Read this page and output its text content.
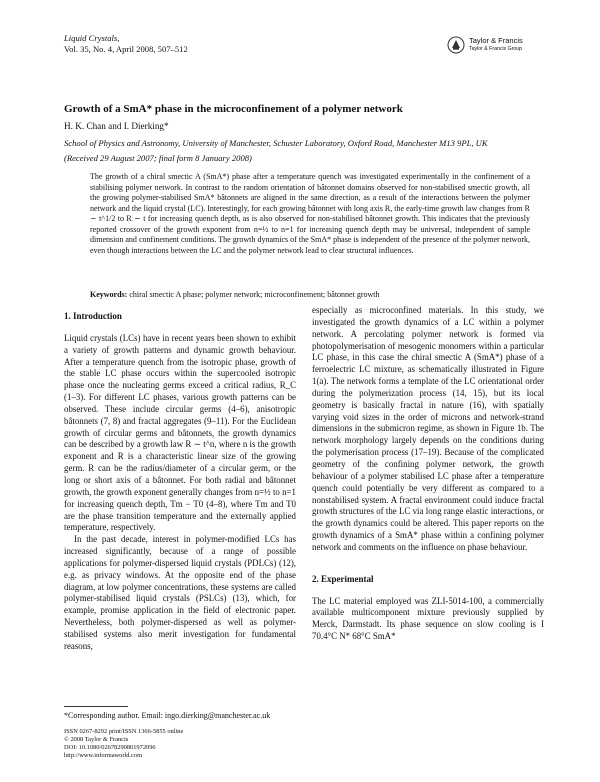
Liquid Crystals,
Vol. 35, No. 4, April 2008, 507–512
Taylor & Francis
Taylor & Francis Group
Growth of a SmA* phase in the microconfinement of a polymer network
H. K. Chan and I. Dierking*
School of Physics and Astronomy, University of Manchester, Schuster Laboratory, Oxford Road, Manchester M13 9PL, UK
(Received 29 August 2007; final form 8 January 2008)
The growth of a chiral smectic A (SmA*) phase after a temperature quench was investigated experimentally in the confinement of a stabilising polymer network. In contrast to the random orientation of bâtonnet domains observed for non-stabilised smectic growth, all the growing polymer-stabilised SmA* bâtonnets are aligned in the same direction, as a result of the interactions between the polymer network and the liquid crystal (LC). Interestingly, for each growing bâtonnet with long axis R, the early-time growth law changes from R ∼ t^1/2 to R ∼ t for increasing quench depth, as is also observed for non-stabilised bâtonnet growth. This indicates that the previously reported crossover of the growth exponent from n=½ to n=1 for increasing quench depth may be universal, independent of sample dimension and confinement conditions. The growth dynamics of the SmA* phase is independent of the presence of the polymer network, even though interactions between the LC and the polymer network lead to clear structural influences.
Keywords: chiral smectic A phase; polymer network; microconfinement; bâtonnet growth
1. Introduction

Liquid crystals (LCs) have in recent years been shown to exhibit a variety of growth patterns and dynamic growth behaviour. After a temperature quench from the isotropic phase, growth of the stable LC phase occurs within the supercooled isotropic phase once the nucleating germs exceed a critical radius, R_C (1–3). For different LC phases, various growth patterns can be observed. These include circular germs (4–6), anisotropic bâtonnets (7, 8) and fractal aggregates (9–11). For the Euclidean growth of circular germs and bâtonnets, the growth dynamics can be described by a growth law R ∼ t^n, where n is the growth exponent and R is a characteristic linear size of the growing germ. R can be the radius/diameter of a circular germ, or the long or short axis of a bâtonnet. For both radial and bâtonnet growth, the growth exponent generally changes from n=½ to n=1 for increasing quench depth, Tm − T0 (4–8), where Tm and T0 are the phase transition temperature and the externally applied temperature, respectively.

In the past decade, interest in polymer-modified LCs has increased significantly, because of a range of possible applications for polymer-dispersed liquid crystals (PDLCs) (12), e.g. as privacy windows. At the opposite end of the phase diagram, at low polymer concentrations, these systems are called polymer-stabilised liquid crystals (PSLCs) (13), which, for example, promise application in the field of electronic paper. Nevertheless, both polymer-dispersed as well as polymer-stabilised systems also merit investigation for fundamental reasons,

especially as microconfined materials. In this study, we investigated the growth dynamics of a LC within a polymer network. A percolating polymer network is formed via photopolymerisation of mesogenic monomers within a particular LC phase, in this case the chiral smectic A (SmA*) phase of a ferroelectric LC mixture, as schematically illustrated in Figure 1(a). The network forms a template of the LC orientational order during the polymerization process (14, 15), but its local geometry is basically fractal in nature (16), with spatially varying void sizes in the order of microns and network-strand dimensions in the submicron regime, as shown in Figure 1b. The network morphology largely depends on the conditions during the polymerisation process (17–19). Because of the complicated geometry of the confining polymer network, the growth behaviour of a polymer stabilised LC phase after a temperature quench could potentially be very different as compared to a nonstabilised system. A fractal environment could induce fractal growth structures of the LC via long range elastic interactions, or the growth dynamics could be altered. This paper reports on the growth dynamics of a SmA* phase within a confining polymer network and comments on the influence on phase behaviour.

2. Experimental

The LC material employed was ZLI-5014-100, a commercially available multicomponent mixture previously supplied by Merck, Darmstadt. Its phase sequence on slow cooling is I 70.4°C N* 68°C SmA*

*Corresponding author. Email: ingo.dierking@manchester.ac.uk
ISSN 0267-8292 print/ISSN 1366-5855 online
© 2008 Taylor & Francis
DOI: 10.1080/02678290801972096
http://www.informaworld.com
